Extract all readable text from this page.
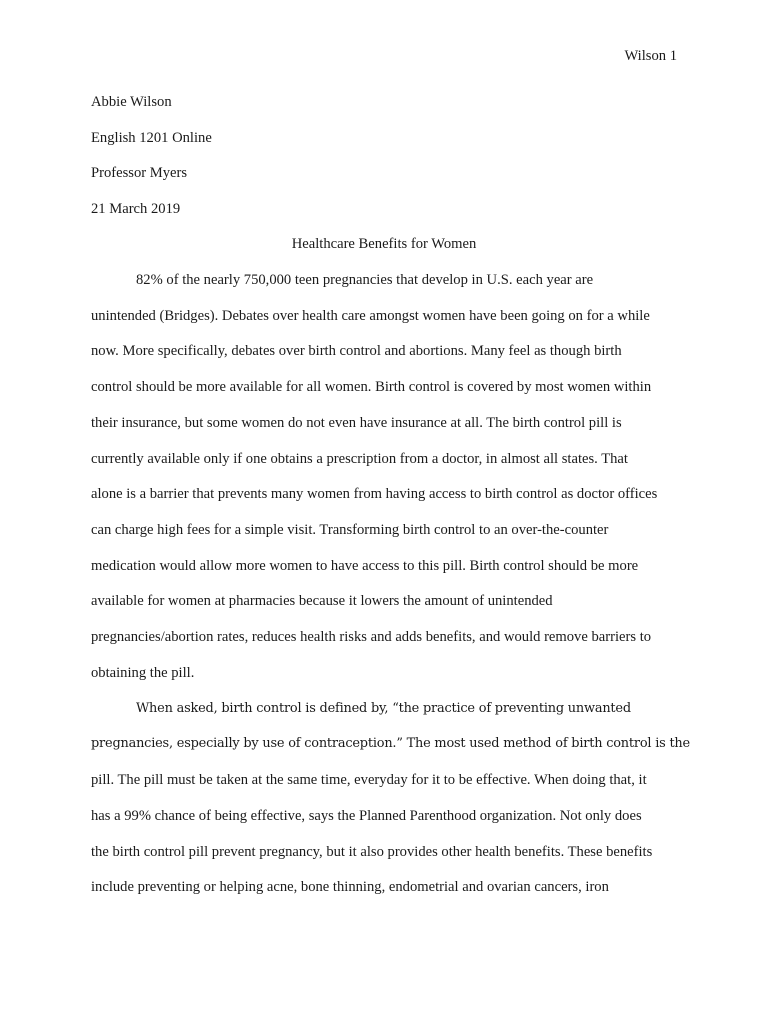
Wilson 1
Abbie Wilson
English 1201 Online
Professor Myers
21 March 2019
Healthcare Benefits for Women
82% of the nearly 750,000 teen pregnancies that develop in U.S. each year are
unintended (Bridges). Debates over health care amongst women have been going on for a while
now. More specifically, debates over birth control and abortions. Many feel as though birth
control should be more available for all women. Birth control is covered by most women within
their insurance, but some women do not even have insurance at all. The birth control pill is
currently available only if one obtains a prescription from a doctor, in almost all states. That
alone is a barrier that prevents many women from having access to birth control as doctor offices
can charge high fees for a simple visit. Transforming birth control to an over-the-counter
medication would allow more women to have access to this pill. Birth control should be more
available for women at pharmacies because it lowers the amount of unintended
pregnancies/abortion rates, reduces health risks and adds benefits, and would remove barriers to
obtaining the pill.
When asked, birth control is defined by, “the practice of preventing unwanted
pregnancies, especially by use of contraception.” The most used method of birth control is the
pill. The pill must be taken at the same time, everyday for it to be effective. When doing that, it
has a 99% chance of being effective, says the Planned Parenthood organization. Not only does
the birth control pill prevent pregnancy, but it also provides other health benefits. These benefits
include preventing or helping acne, bone thinning, endometrial and ovarian cancers, iron
